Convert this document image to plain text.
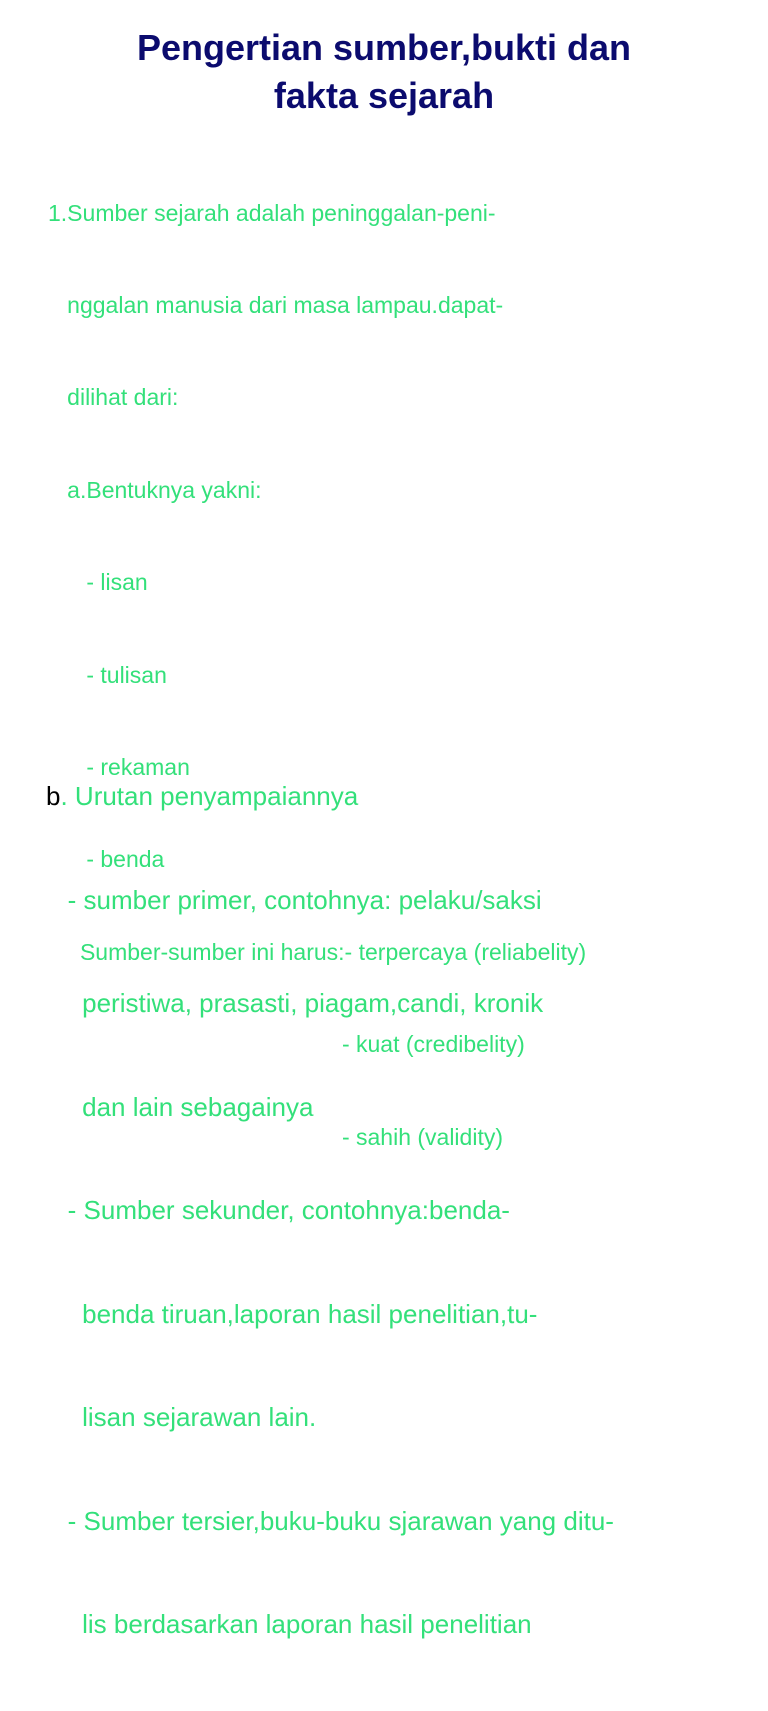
Pengertian sumber,bukti dan
fakta sejarah

1.Sumber sejarah adalah peninggalan-peni-

nggalan manusia dari masa lampau.dapat-

dilihat dari:

a.Bentuknya yakni:

- lisan

- tulisan

- rekaman

- benda

Sumber-sumber ini harus:- terpercaya (reliabelity)

- kuat (credibelity)

- sahih (validity)

b. Urutan penyampaiannya

- sumber primer, contohnya: pelaku/saksi

peristiwa, prasasti, piagam,candi, kronik

dan lain sebagainya

- Sumber sekunder, contohnya:benda-

benda tiruan,laporan hasil penelitian,tu-

lisan sejarawan lain.

- Sumber tersier,buku-buku sjarawan yang ditu-

lis berdasarkan laporan hasil penelitian
